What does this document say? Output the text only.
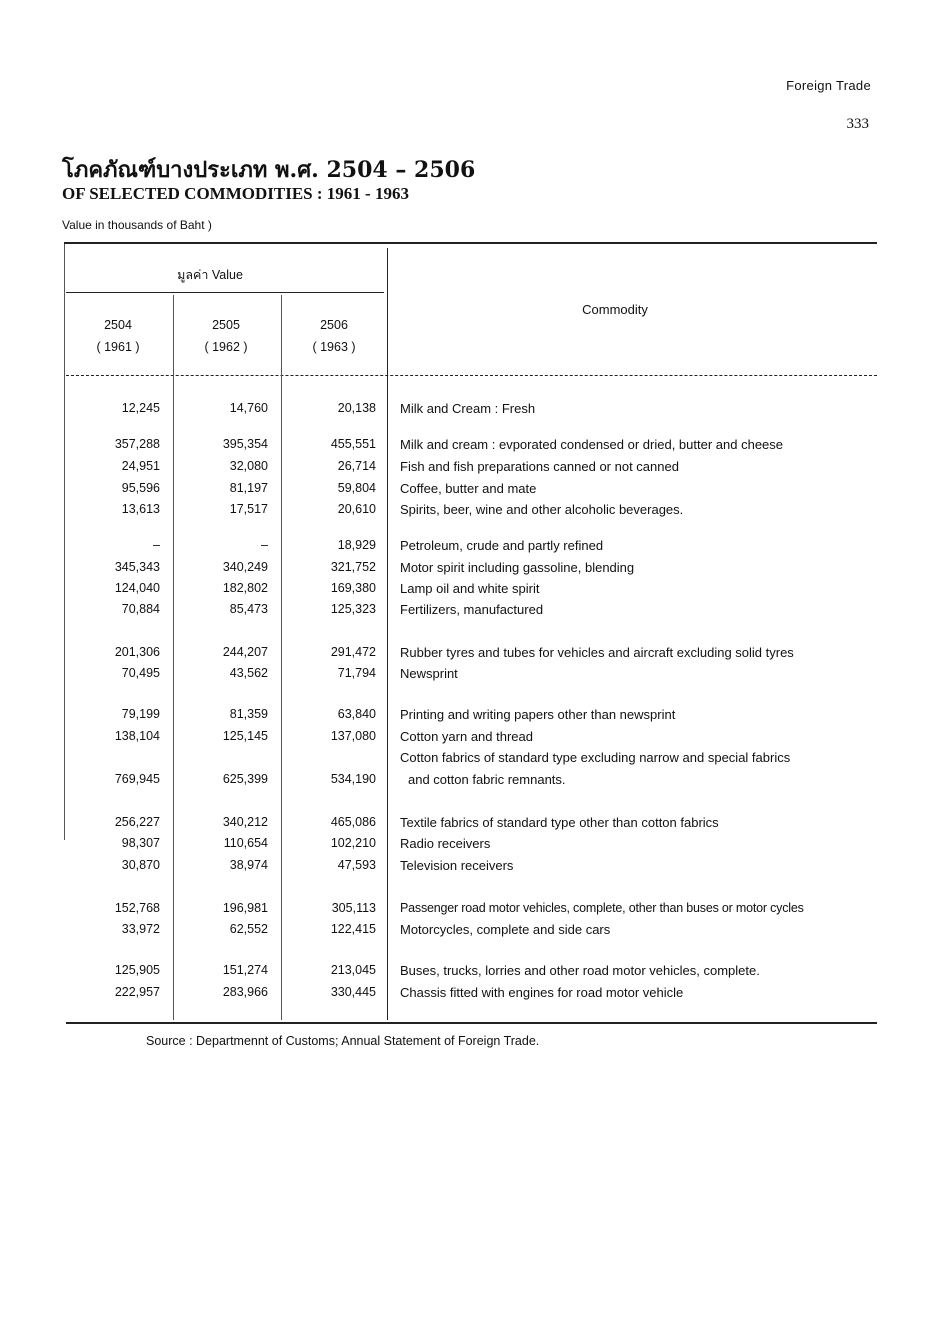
Foreign Trade
333
โภคภัณฑ์บางประเภท พ.ศ. 2504 – 2506
OF SELECTED COMMODITIES : 1961 - 1963
Value in thousands of Baht )
มูลค่า Value
Commodity
2504
( 1961 )
2505
( 1962 )
2506
( 1963 )
12,245	14,760	20,138 Milk and Cream : Fresh
357,288	395,354	455,551 Milk and cream : evporated condensed or dried, butter and cheese
24,951	32,080	26,714 Fish and fish preparations canned or not canned
95,596	81,197	59,804 Coffee, butter and mate
13,613	17,517	20,610 Spirits, beer, wine and other alcoholic beverages.
–	–	18,929 Petroleum, crude and partly refined
345,343	340,249	321,752 Motor spirit including gassoline, blending
124,040	182,802	169,380 Lamp oil and white spirit
70,884	85,473	125,323 Fertilizers, manufactured
201,306	244,207	291,472 Rubber tyres and tubes for vehicles and aircraft excluding solid tyres
70,495	43,562	71,794 Newsprint
79,199	81,359	63,840 Printing and writing papers other than newsprint
138,104	125,145	137,080 Cotton yarn and thread
769,945	625,399	534,190
Cotton fabrics of standard type excluding narrow and special fabrics
and cotton fabric remnants.
256,227	340,212	465,086 Textile fabrics of standard type other than cotton fabrics
98,307	110,654	102,210 Radio receivers
30,870	38,974	47,593 Television receivers
152,768	196,981	305,113 Passenger road motor vehicles, complete, other than buses or motor cycles
33,972	62,552	122,415 Motorcycles, complete and side cars
125,905	151,274	213,045 Buses, trucks, lorries and other road motor vehicles, complete.
222,957	283,966	330,445 Chassis fitted with engines for road motor vehicle
Source : Departmennt of Customs; Annual Statement of Foreign Trade.
